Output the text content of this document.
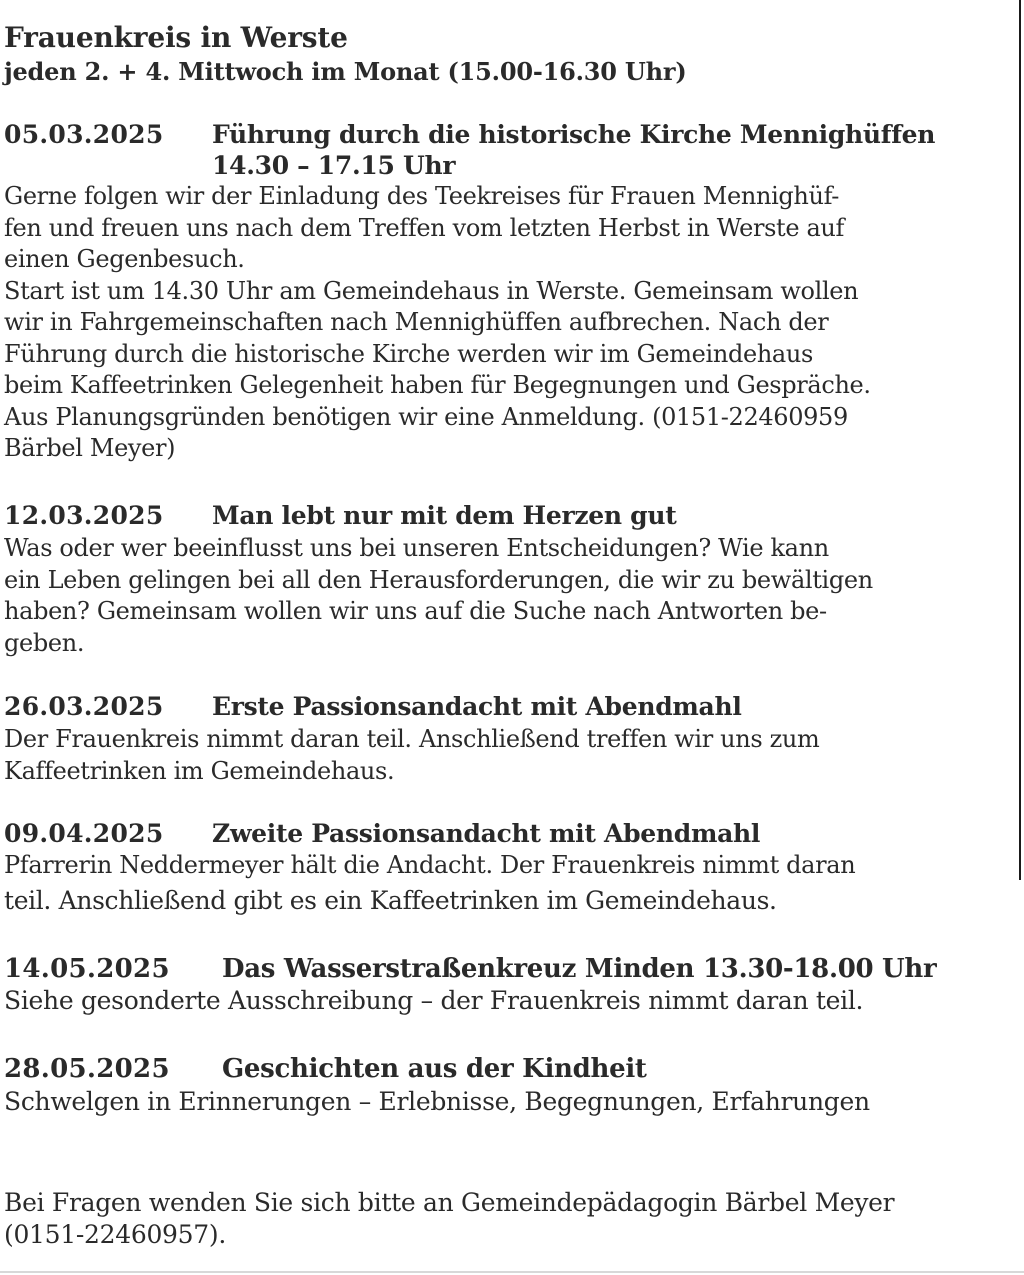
Frauenkreis in Werste
jeden 2. + 4. Mittwoch im Monat (15.00-16.30 Uhr)
05.03.2025 Führung durch die historische Kirche Mennighüffen
14.30 – 17.15 Uhr
Gerne folgen wir der Einladung des Teekreises für Frauen Mennighüf-
fen und freuen uns nach dem Treffen vom letzten Herbst in Werste auf
einen Gegenbesuch.
Start ist um 14.30 Uhr am Gemeindehaus in Werste. Gemeinsam wollen
wir in Fahrgemeinschaften nach Mennighüffen aufbrechen. Nach der
Führung durch die historische Kirche werden wir im Gemeindehaus
beim Kaffeetrinken Gelegenheit haben für Begegnungen und Gespräche.
Aus Planungsgründen benötigen wir eine Anmeldung. (0151-22460959
Bärbel Meyer)
12.03.2025 Man lebt nur mit dem Herzen gut
Was oder wer beeinflusst uns bei unseren Entscheidungen? Wie kann
ein Leben gelingen bei all den Herausforderungen, die wir zu bewältigen
haben? Gemeinsam wollen wir uns auf die Suche nach Antworten be-
geben.
26.03.2025 Erste Passionsandacht mit Abendmahl
Der Frauenkreis nimmt daran teil. Anschließend treffen wir uns zum
Kaffeetrinken im Gemeindehaus.
09.04.2025 Zweite Passionsandacht mit Abendmahl
Pfarrerin Neddermeyer hält die Andacht. Der Frauenkreis nimmt daran
teil. Anschließend gibt es ein Kaffeetrinken im Gemeindehaus.
14.05.2025 Das Wasserstraßenkreuz Minden 13.30-18.00 Uhr
Siehe gesonderte Ausschreibung – der Frauenkreis nimmt daran teil.
28.05.2025 Geschichten aus der Kindheit
Schwelgen in Erinnerungen – Erlebnisse, Begegnungen, Erfahrungen
Bei Fragen wenden Sie sich bitte an Gemeindepädagogin Bärbel Meyer
(0151-22460957).
